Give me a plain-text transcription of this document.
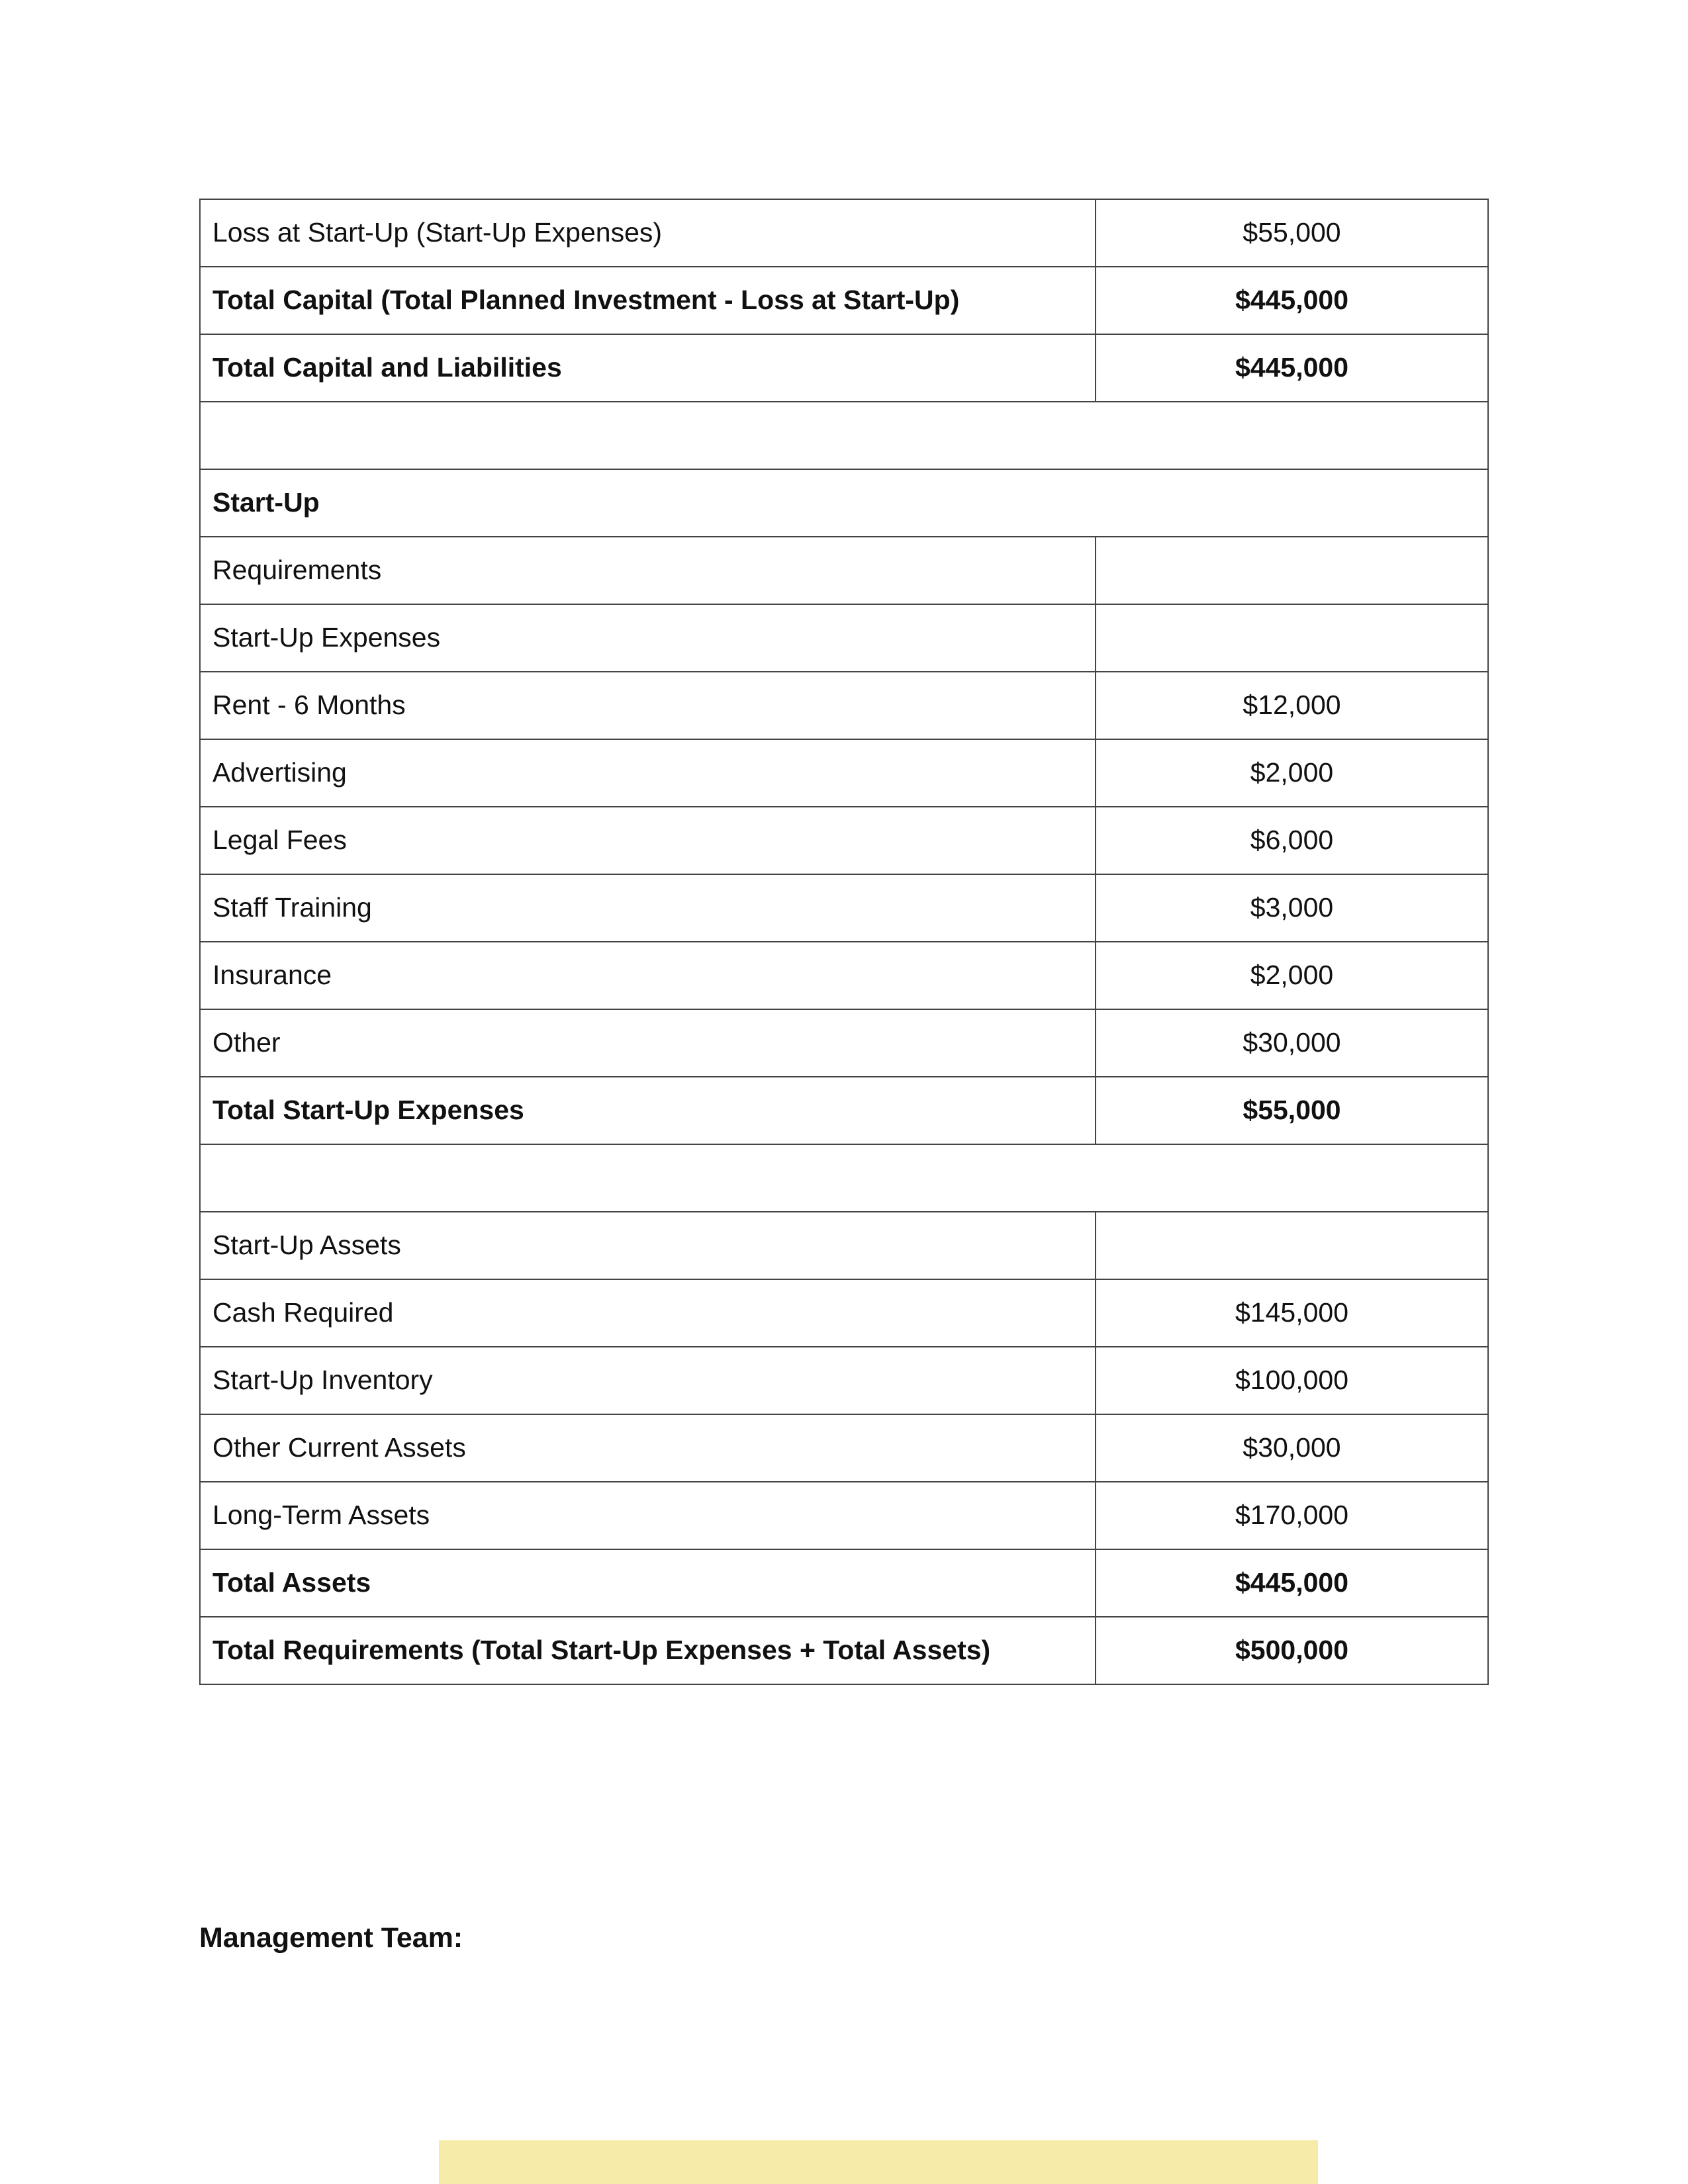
Loss at Start-Up (Start-Up Expenses)	$55,000
Total Capital (Total Planned Investment - Loss at Start-Up)	$445,000
Total Capital and Liabilities	$445,000

Start-Up	
Requirements	
Start-Up Expenses	
Rent - 6 Months	$12,000
Advertising	$2,000
Legal Fees	$6,000
Staff Training	$3,000
Insurance	$2,000
Other	$30,000
Total Start-Up Expenses	$55,000

Start-Up Assets	
Cash Required	$145,000
Start-Up Inventory	$100,000
Other Current Assets	$30,000
Long-Term Assets	$170,000
Total Assets	$445,000
Total Requirements (Total Start-Up Expenses + Total Assets)	$500,000
Management Team:
